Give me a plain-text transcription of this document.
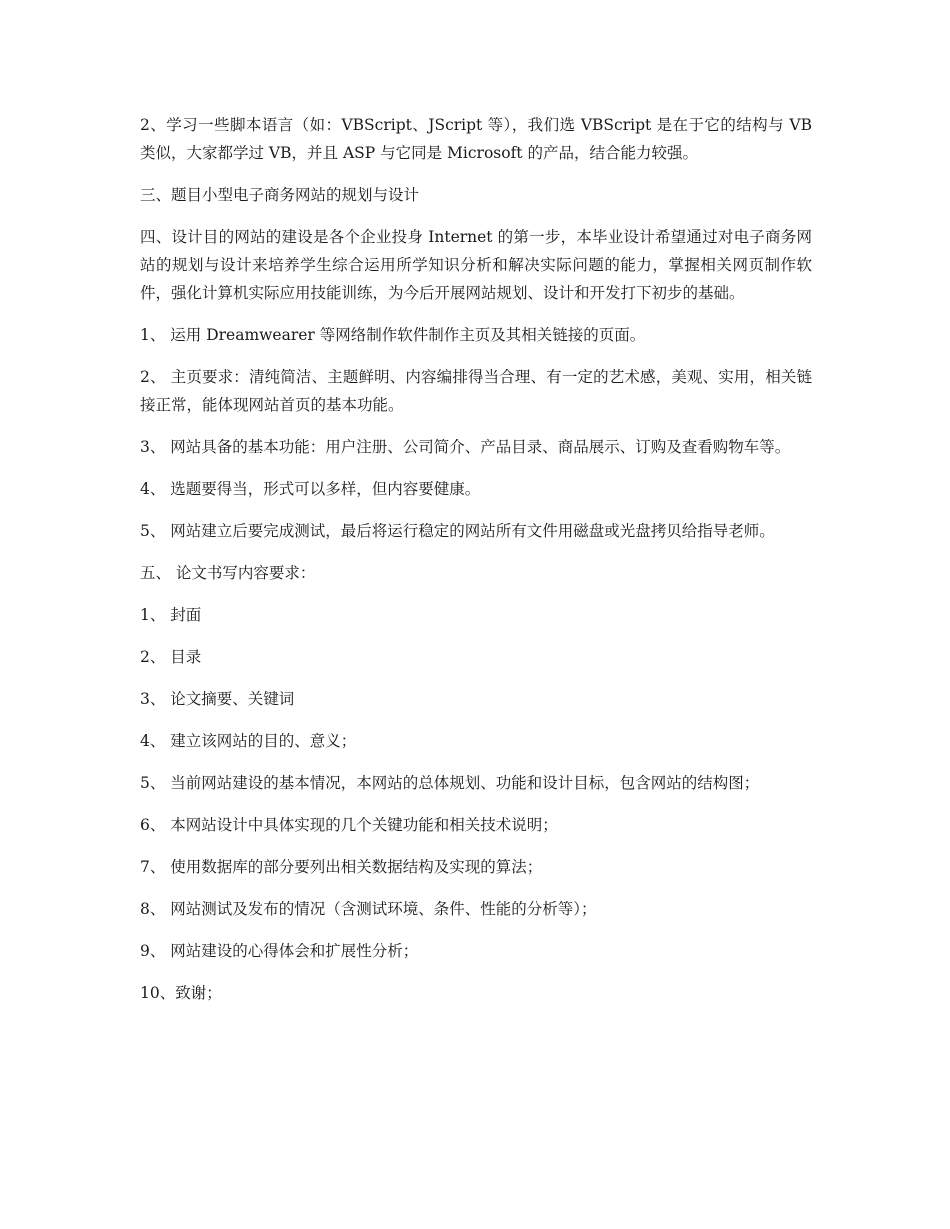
2、学习一些脚本语言（如：VBScript、JScript 等），我们选 VBScript 是在于它的结构与 VB 类似，大家都学过 VB，并且 ASP 与它同是 Microsoft 的产品，结合能力较强。

三、题目小型电子商务网站的规划与设计

四、设计目的网站的建设是各个企业投身 Internet 的第一步，本毕业设计希望通过对电子商务网站的规划与设计来培养学生综合运用所学知识分析和解决实际问题的能力，掌握相关网页制作软件，强化计算机实际应用技能训练，为今后开展网站规划、设计和开发打下初步的基础。

1、 运用 Dreamwearer 等网络制作软件制作主页及其相关链接的页面。

2、 主页要求：清纯简洁、主题鲜明、内容编排得当合理、有一定的艺术感，美观、实用，相关链接正常，能体现网站首页的基本功能。

3、 网站具备的基本功能：用户注册、公司简介、产品目录、商品展示、订购及查看购物车等。

4、 选题要得当，形式可以多样，但内容要健康。

5、 网站建立后要完成测试，最后将运行稳定的网站所有文件用磁盘或光盘拷贝给指导老师。

五、 论文书写内容要求：

1、 封面

2、 目录

3、 论文摘要、关键词

4、 建立该网站的目的、意义；

5、 当前网站建设的基本情况，本网站的总体规划、功能和设计目标，包含网站的结构图；

6、 本网站设计中具体实现的几个关键功能和相关技术说明；

7、 使用数据库的部分要列出相关数据结构及实现的算法；

8、 网站测试及发布的情况（含测试环境、条件、性能的分析等）；

9、 网站建设的心得体会和扩展性分析；

10、致谢；
